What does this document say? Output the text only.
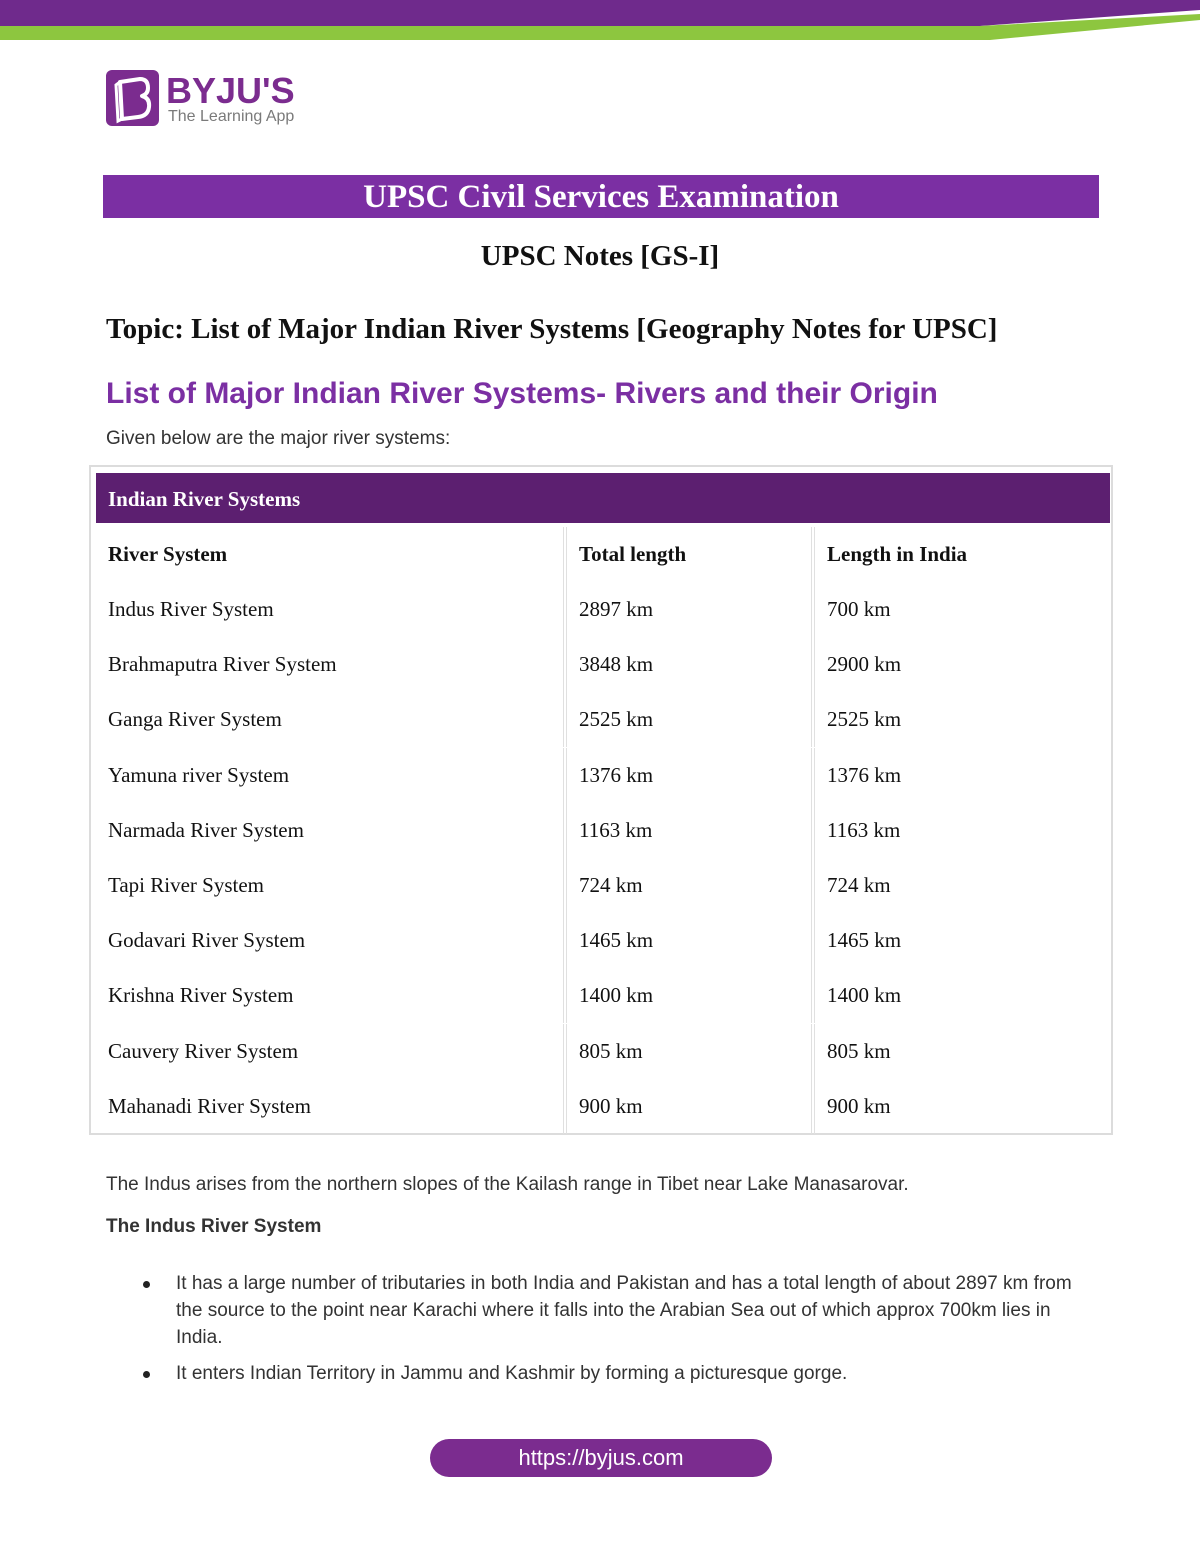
BYJU'S
The Learning App
UPSC Civil Services Examination
UPSC Notes [GS-I]
Topic: List of Major Indian River Systems [Geography Notes for UPSC]
List of Major Indian River Systems- Rivers and their Origin
Given below are the major river systems:
Indian River Systems
River System	Total length	Length in India
Indus River System	2897 km	700 km
Brahmaputra River System	3848 km	2900 km
Ganga River System	2525 km	2525 km
Yamuna river System	1376 km	1376 km
Narmada River System	1163 km	1163 km
Tapi River System	724 km	724 km
Godavari River System	1465 km	1465 km
Krishna River System	1400 km	1400 km
Cauvery River System	805 km	805 km
Mahanadi River System	900 km	900 km
The Indus arises from the northern slopes of the Kailash range in Tibet near Lake Manasarovar.
The Indus River System
It has a large number of tributaries in both India and Pakistan and has a total length of about 2897 km from the source to the point near Karachi where it falls into the Arabian Sea out of which approx 700km lies in India.
It enters Indian Territory in Jammu and Kashmir by forming a picturesque gorge.
https://byjus.com
